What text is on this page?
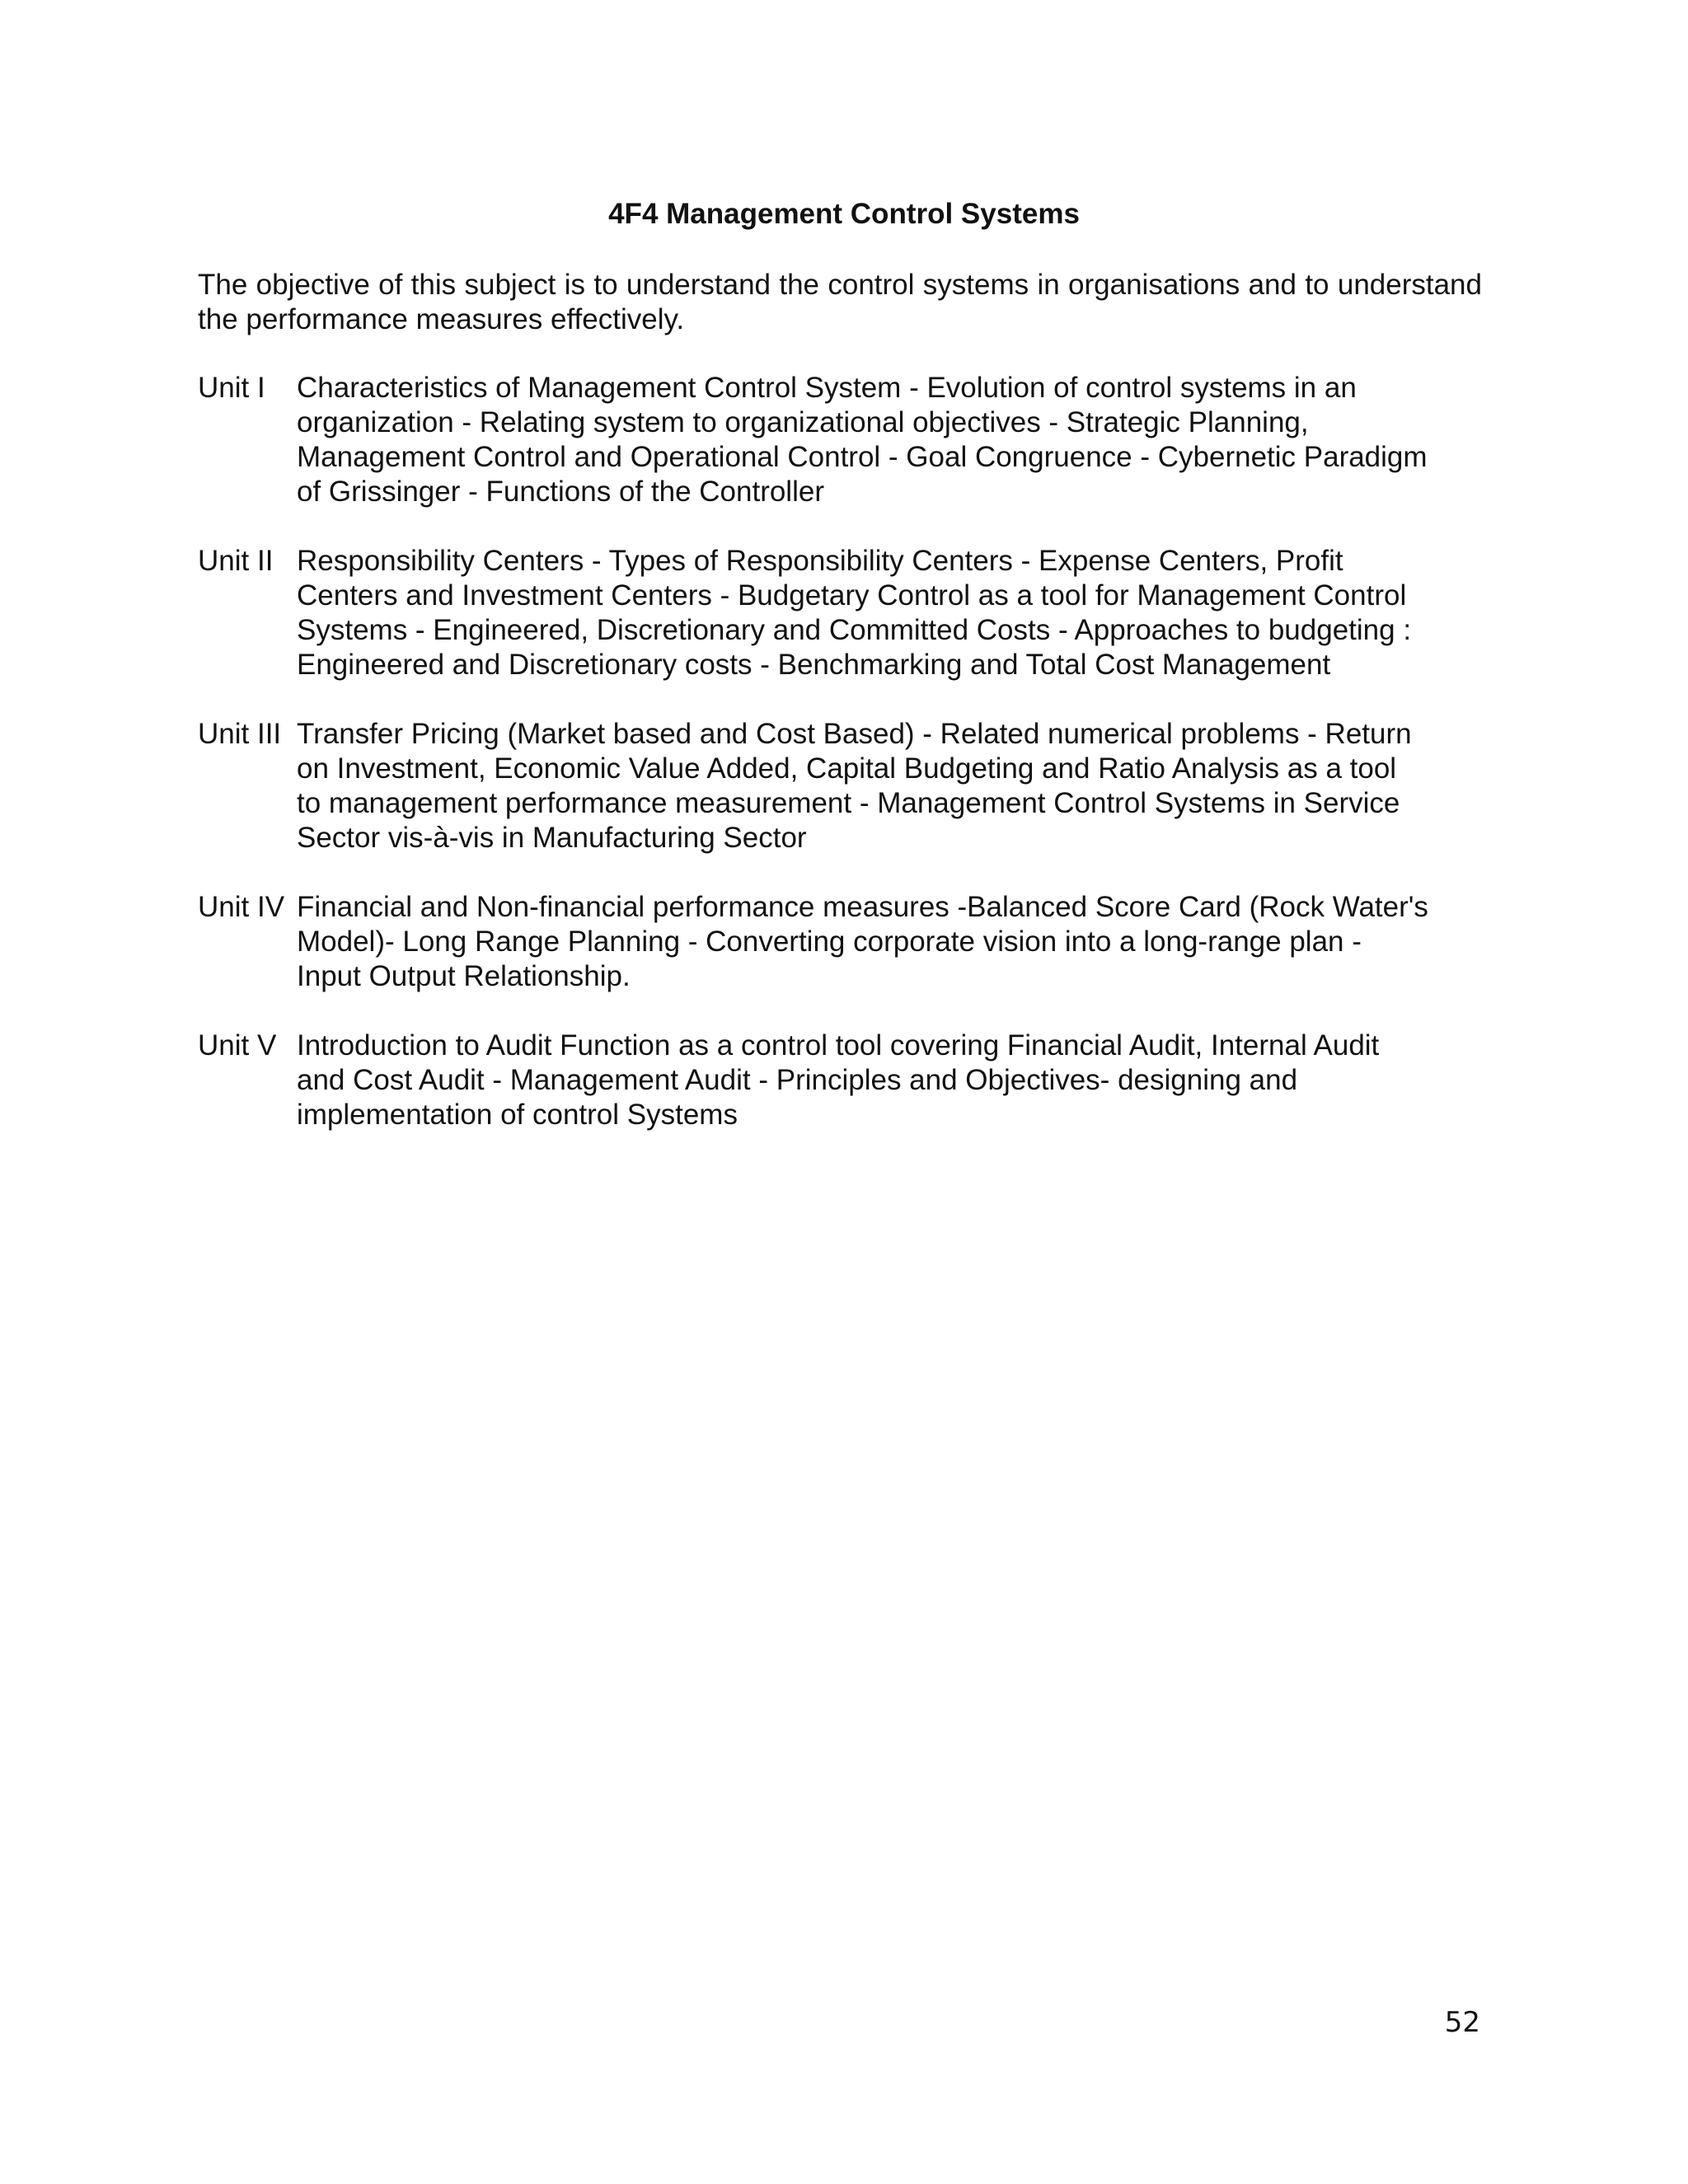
4F4 Management Control Systems

The objective of this subject is to understand the control systems in organisations and to understand the performance measures effectively.

Unit I	Characteristics of Management Control System - Evolution of control systems in an
organization - Relating system to organizational objectives - Strategic Planning,
Management Control and Operational Control - Goal Congruence - Cybernetic Paradigm
of Grissinger - Functions of the Controller
Unit II Responsibility Centers - Types of Responsibility Centers - Expense Centers, Profit
Centers and Investment Centers - Budgetary Control as a tool for Management Control
Systems - Engineered, Discretionary and Committed Costs - Approaches to budgeting :
Engineered and Discretionary costs - Benchmarking and Total Cost Management
Unit III Transfer Pricing (Market based and Cost Based) - Related numerical problems - Return
on Investment, Economic Value Added, Capital Budgeting and Ratio Analysis as a tool
to management performance measurement - Management Control Systems in Service
Sector vis-à-vis in Manufacturing Sector
Unit IV Financial and Non-financial performance measures -Balanced Score Card (Rock Water's
Model)- Long Range Planning - Converting corporate vision into a long-range plan -
Input Output Relationship.
Unit V Introduction to Audit Function as a control tool covering Financial Audit, Internal Audit
and Cost Audit - Management Audit - Principles and Objectives- designing and
implementation of control Systems
52
